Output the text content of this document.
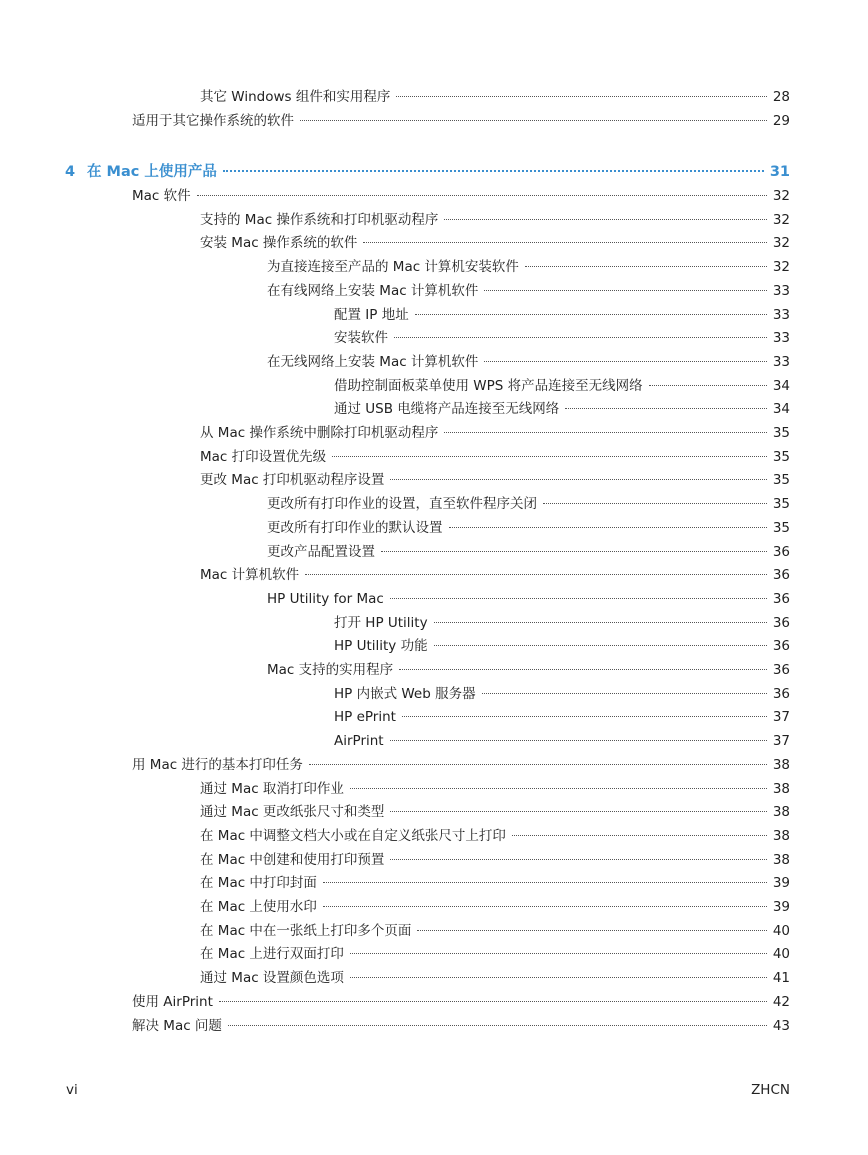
其它 Windows 组件和实用程序	28
适用于其它操作系统的软件	29
4 在 Mac 上使用产品	31
Mac 软件	32
支持的 Mac 操作系统和打印机驱动程序	32
安装 Mac 操作系统的软件	32
为直接连接至产品的 Mac 计算机安装软件	32
在有线网络上安装 Mac 计算机软件	33
配置 IP 地址	33
安装软件	33
在无线网络上安装 Mac 计算机软件	33
借助控制面板菜单使用 WPS 将产品连接至无线网络	34
通过 USB 电缆将产品连接至无线网络	34
从 Mac 操作系统中删除打印机驱动程序	35
Mac 打印设置优先级	35
更改 Mac 打印机驱动程序设置	35
更改所有打印作业的设置，直至软件程序关闭	35
更改所有打印作业的默认设置	35
更改产品配置设置	36
Mac 计算机软件	36
HP Utility for Mac	36
打开 HP Utility	36
HP Utility 功能	36
Mac 支持的实用程序	36
HP 内嵌式 Web 服务器	36
HP ePrint	37
AirPrint	37
用 Mac 进行的基本打印任务	38
通过 Mac 取消打印作业	38
通过 Mac 更改纸张尺寸和类型	38
在 Mac 中调整文档大小或在自定义纸张尺寸上打印	38
在 Mac 中创建和使用打印预置	38
在 Mac 中打印封面	39
在 Mac 上使用水印	39
在 Mac 中在一张纸上打印多个页面	40
在 Mac 上进行双面打印	40
通过 Mac 设置颜色选项	41
使用 AirPrint	42
解决 Mac 问题	43
vi	ZHCN
